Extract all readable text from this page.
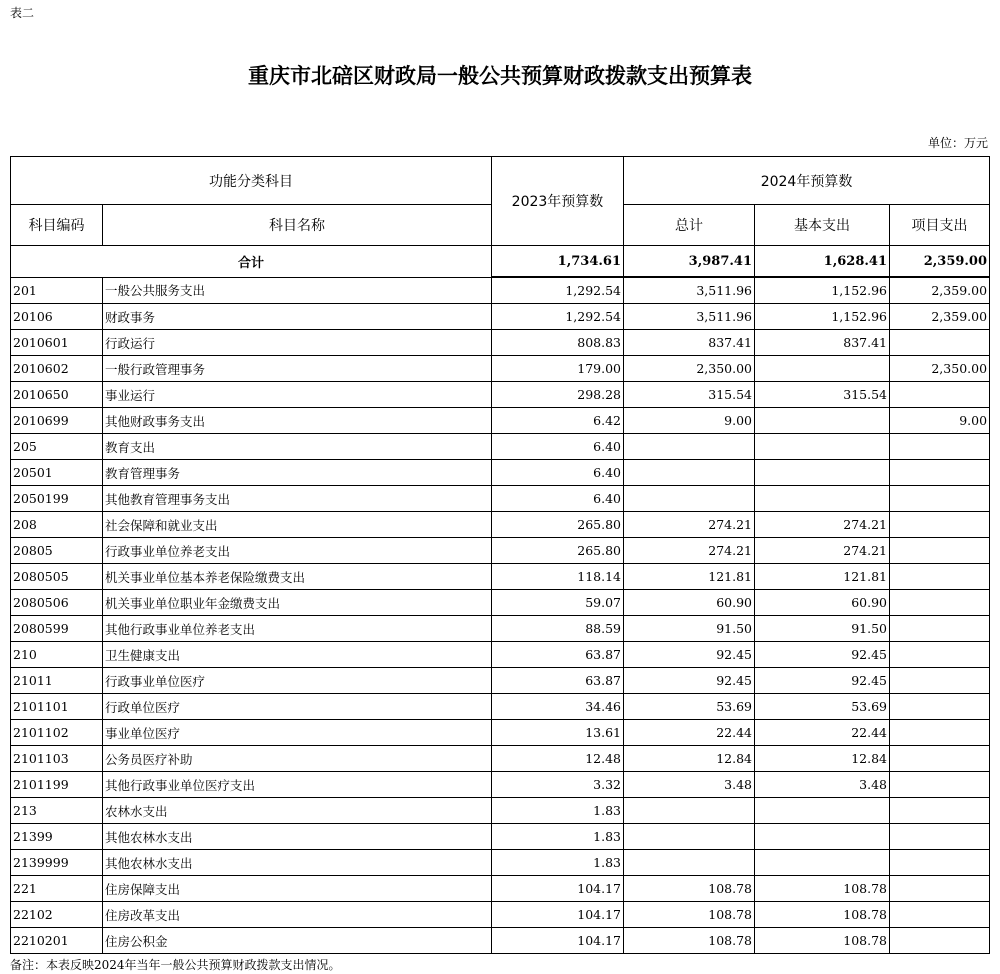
表二
重庆市北碚区财政局一般公共预算财政拨款支出预算表
单位：万元
功能分类科目		2023年预算数	2024年预算数		
科目编码	科目名称		总计	基本支出	项目支出
合计		1,734.61	3,987.41	1,628.41	2,359.00
201	一般公共服务支出	1,292.54	3,511.96	1,152.96	2,359.00
20106	财政事务	1,292.54	3,511.96	1,152.96	2,359.00
2010601	行政运行	808.83	837.41	837.41	
2010602	一般行政管理事务	179.00	2,350.00		2,350.00
2010650	事业运行	298.28	315.54	315.54	
2010699	其他财政事务支出	6.42	9.00		9.00
205	教育支出	6.40			
20501	教育管理事务	6.40			
2050199	其他教育管理事务支出	6.40			
208	社会保障和就业支出	265.80	274.21	274.21	
20805	行政事业单位养老支出	265.80	274.21	274.21	
2080505	机关事业单位基本养老保险缴费支出	118.14	121.81	121.81	
2080506	机关事业单位职业年金缴费支出	59.07	60.90	60.90	
2080599	其他行政事业单位养老支出	88.59	91.50	91.50	
210	卫生健康支出	63.87	92.45	92.45	
21011	行政事业单位医疗	63.87	92.45	92.45	
2101101	行政单位医疗	34.46	53.69	53.69	
2101102	事业单位医疗	13.61	22.44	22.44	
2101103	公务员医疗补助	12.48	12.84	12.84	
2101199	其他行政事业单位医疗支出	3.32	3.48	3.48	
213	农林水支出	1.83			
21399	其他农林水支出	1.83			
2139999	其他农林水支出	1.83			
221	住房保障支出	104.17	108.78	108.78	
22102	住房改革支出	104.17	108.78	108.78	
2210201	住房公积金	104.17	108.78	108.78	
备注：本表反映2024年当年一般公共预算财政拨款支出情况。
